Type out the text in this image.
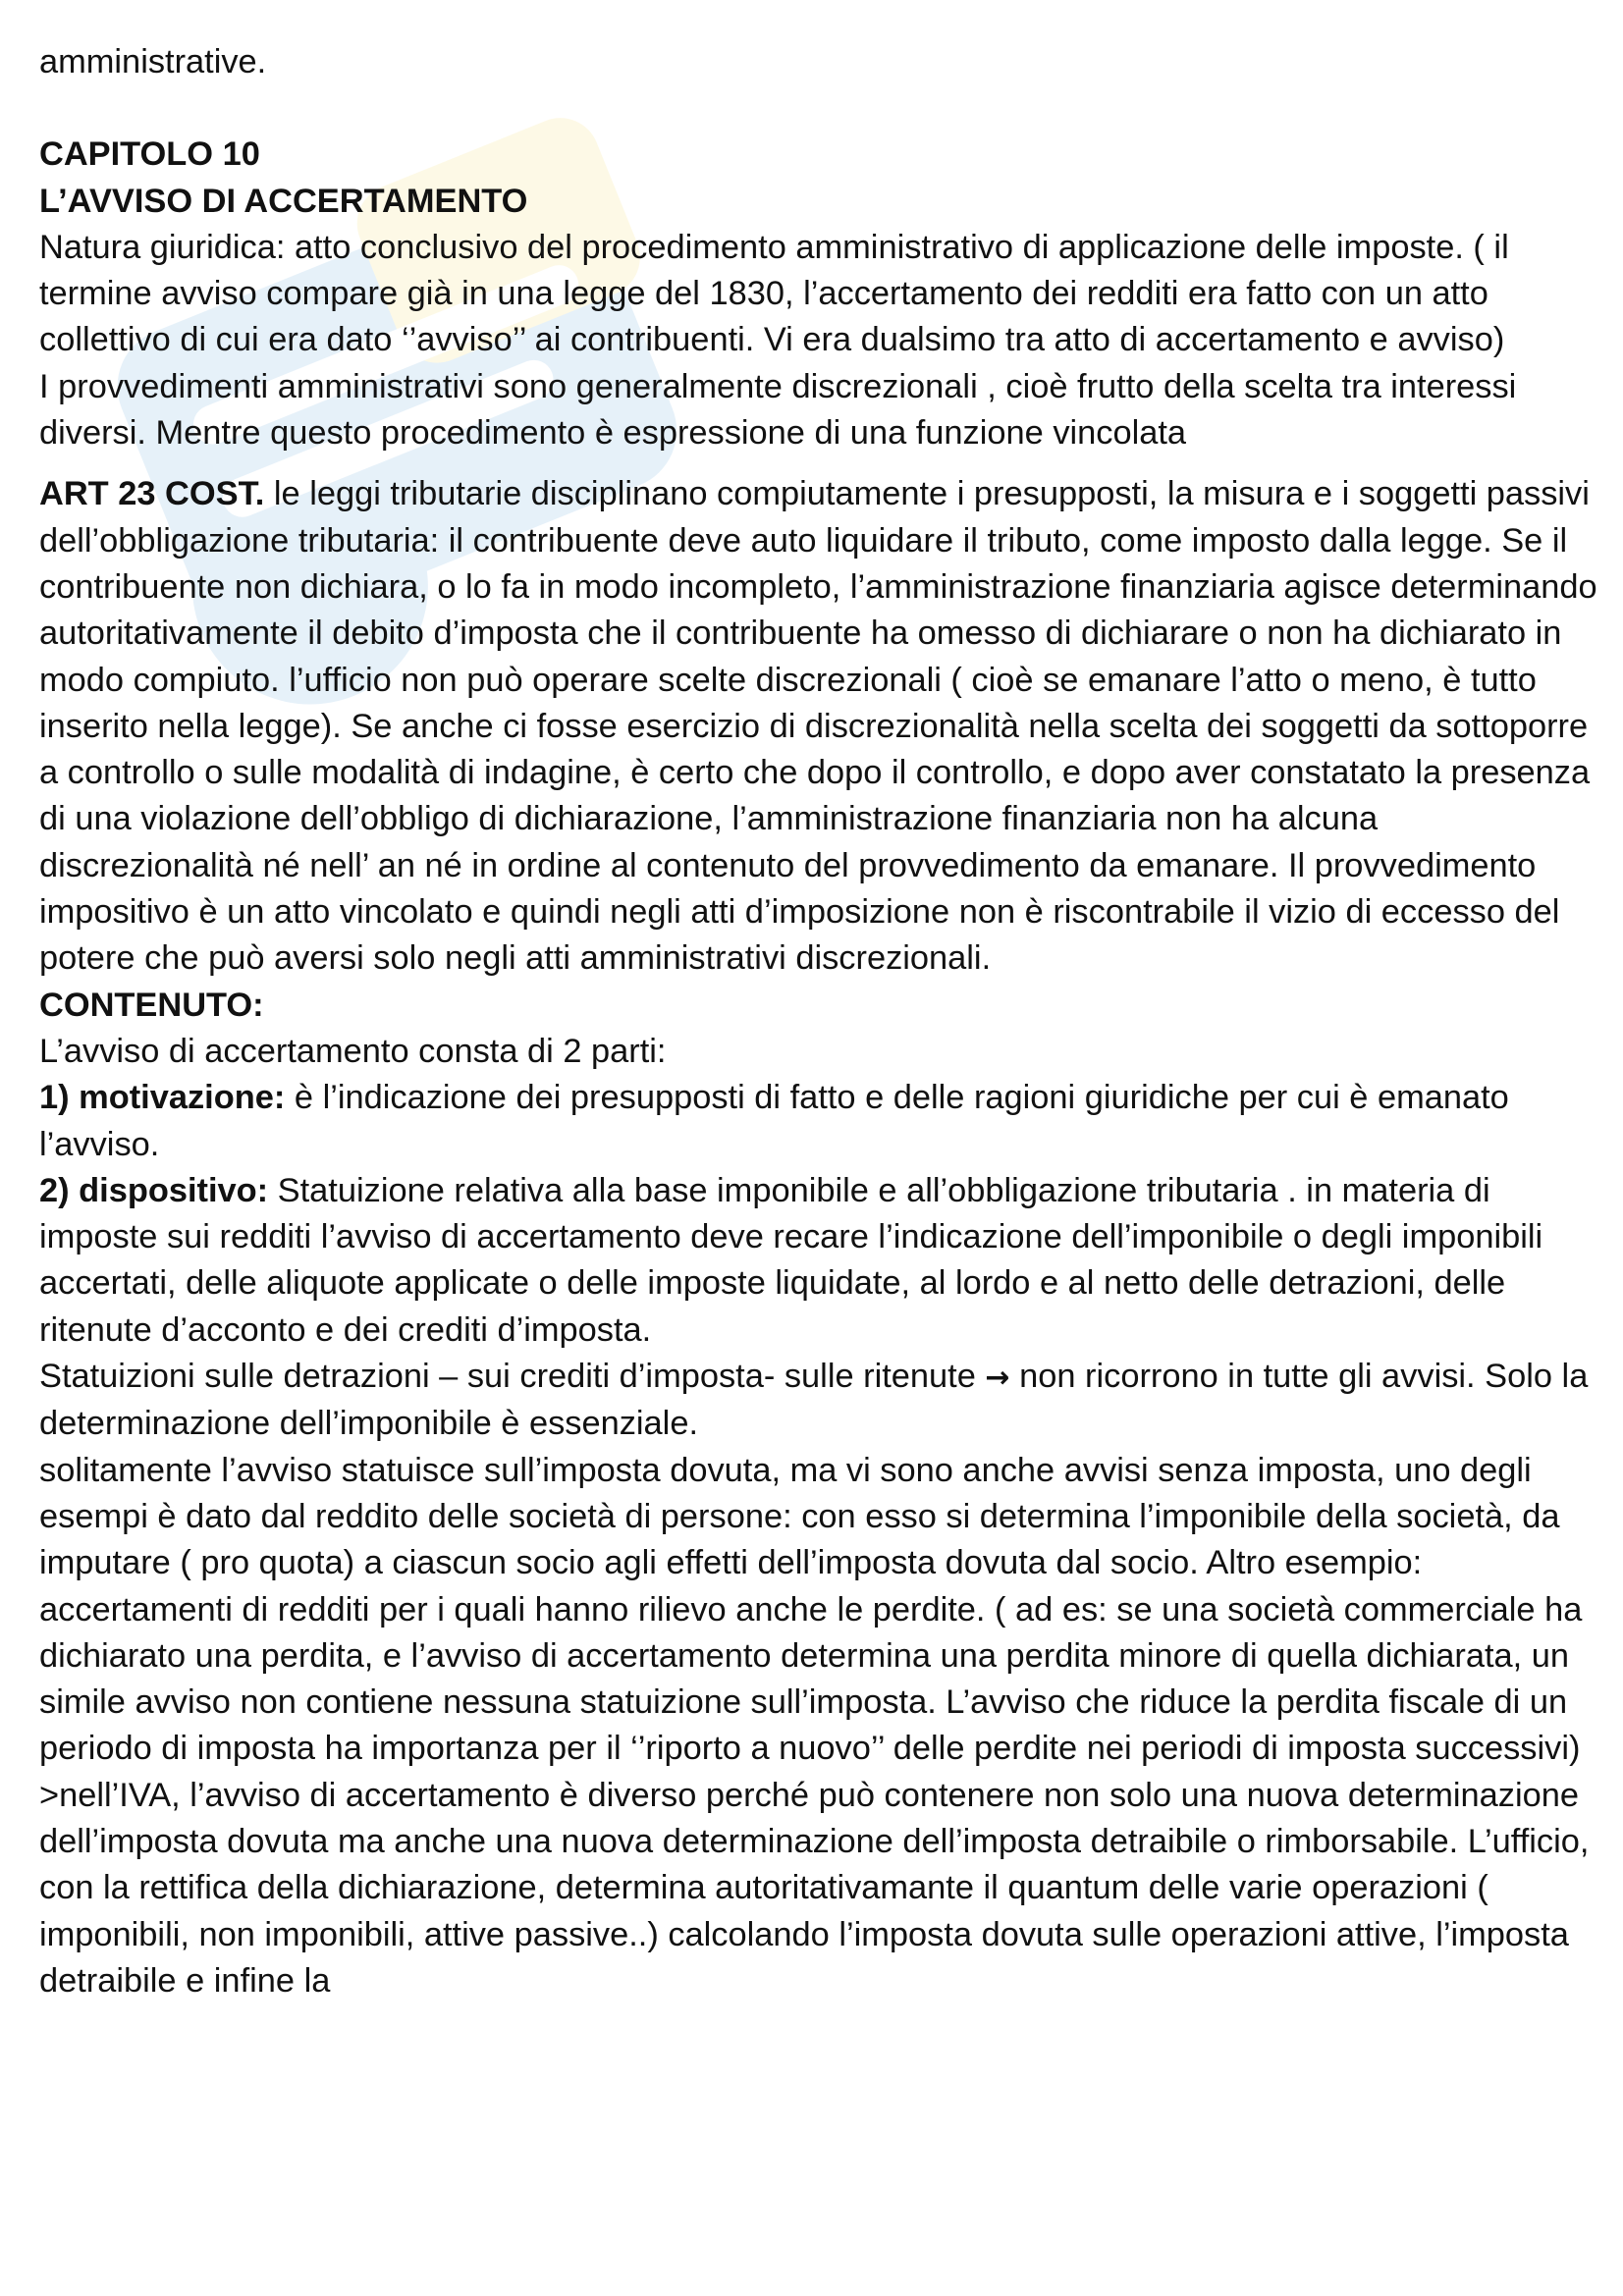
amministrative.

CAPITOLO 10

L’AVVISO DI ACCERTAMENTO

Natura giuridica: atto conclusivo del procedimento amministrativo di applicazione delle imposte. ( il termine avviso compare già in una legge del 1830, l’accertamento dei redditi era fatto con un atto collettivo di cui era dato ‘’avviso’’ ai contribuenti. Vi era dualsimo tra atto di accertamento e avviso)

I provvedimenti amministrativi sono generalmente discrezionali , cioè frutto della scelta tra interessi diversi. Mentre questo procedimento è espressione di una funzione vincolata

ART 23 COST. le leggi tributarie disciplinano compiutamente i presupposti, la misura e i soggetti passivi dell’obbligazione tributaria: il contribuente deve auto liquidare il tributo, come imposto dalla legge. Se il contribuente non dichiara, o lo fa in modo incompleto, l’amministrazione finanziaria agisce determinando autoritativamente il debito d’imposta che il contribuente ha omesso di dichiarare o non ha dichiarato in modo compiuto. l’ufficio non può operare scelte discrezionali ( cioè se emanare l’atto o meno, è tutto inserito nella legge). Se anche ci fosse esercizio di discrezionalità nella scelta dei soggetti da sottoporre a controllo o sulle modalità di indagine, è certo che dopo il controllo, e dopo aver constatato la presenza di una violazione dell’obbligo di dichiarazione, l’amministrazione finanziaria non ha alcuna discrezionalità né nell’ an né in ordine al contenuto del provvedimento da emanare. Il provvedimento impositivo è un atto vincolato e quindi negli atti d’imposizione non è riscontrabile il vizio di eccesso del potere che può aversi solo negli atti amministrativi discrezionali.

CONTENUTO:

L’avviso di accertamento consta di 2 parti:

1) motivazione: è l’indicazione dei presupposti di fatto e delle ragioni giuridiche per cui è emanato l’avviso.

2) dispositivo: Statuizione relativa alla base imponibile e all’obbligazione tributaria . in materia di imposte sui redditi l’avviso di accertamento deve recare l’indicazione dell’imponibile o degli imponibili accertati, delle aliquote applicate o delle imposte liquidate, al lordo e al netto delle detrazioni, delle ritenute d’acconto e dei crediti d’imposta.

Statuizioni sulle detrazioni – sui crediti d’imposta- sulle ritenute → non ricorrono in tutte gli avvisi. Solo la determinazione dell’imponibile è essenziale.

solitamente l’avviso statuisce sull’imposta dovuta, ma vi sono anche avvisi senza imposta, uno degli esempi è dato dal reddito delle società di persone: con esso si determina l’imponibile della società, da imputare ( pro quota) a ciascun socio agli effetti dell’imposta dovuta dal socio. Altro esempio: accertamenti di redditi per i quali hanno rilievo anche le perdite. ( ad es: se una società commerciale ha dichiarato una perdita, e l’avviso di accertamento determina una perdita minore di quella dichiarata, un simile avviso non contiene nessuna statuizione sull’imposta. L’avviso che riduce la perdita fiscale di un periodo di imposta ha importanza per il ‘’riporto a nuovo’’ delle perdite nei periodi di imposta successivi)

>nell’IVA, l’avviso di accertamento è diverso perché può contenere non solo una nuova determinazione dell’imposta dovuta ma anche una nuova determinazione dell’imposta detraibile o rimborsabile. L’ufficio, con la rettifica della dichiarazione, determina autoritativamante il quantum delle varie operazioni ( imponibili, non imponibili, attive passive..) calcolando l’imposta dovuta sulle operazioni attive, l’imposta detraibile e infine la
